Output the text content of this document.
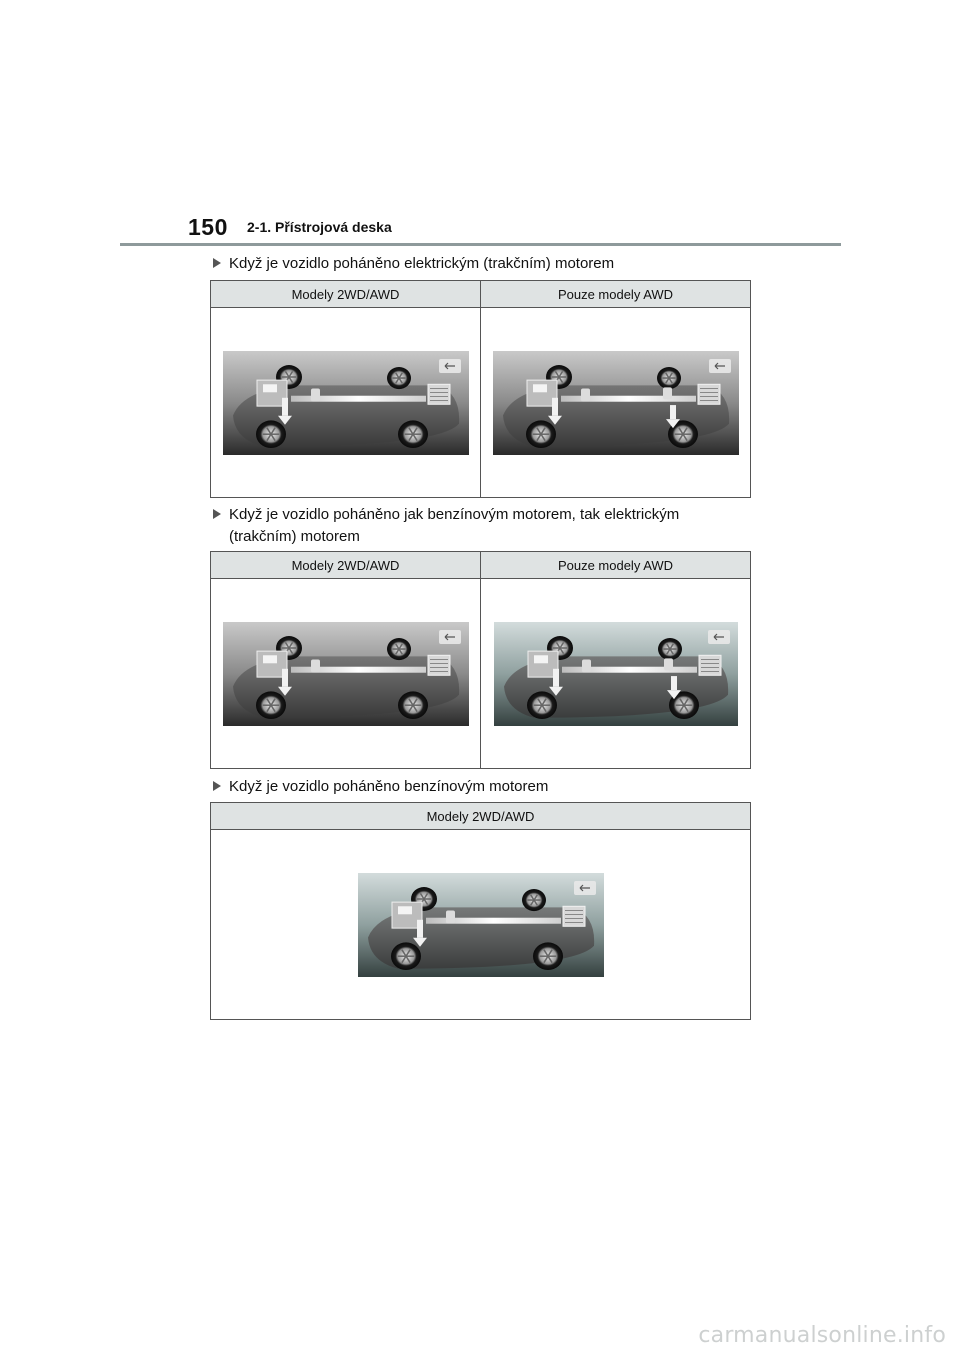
150 2-1. Přístrojová deska
Když je vozidlo poháněno elektrickým (trakčním) motorem
Modely 2WD/AWD	Pouze modely AWD

Když je vozidlo poháněno jak benzínovým motorem, tak elektrickým (trakčním) motorem
Modely 2WD/AWD	Pouze modely AWD

Když je vozidlo poháněno benzínovým motorem
Modely 2WD/AWD

carmanualsonline.info
